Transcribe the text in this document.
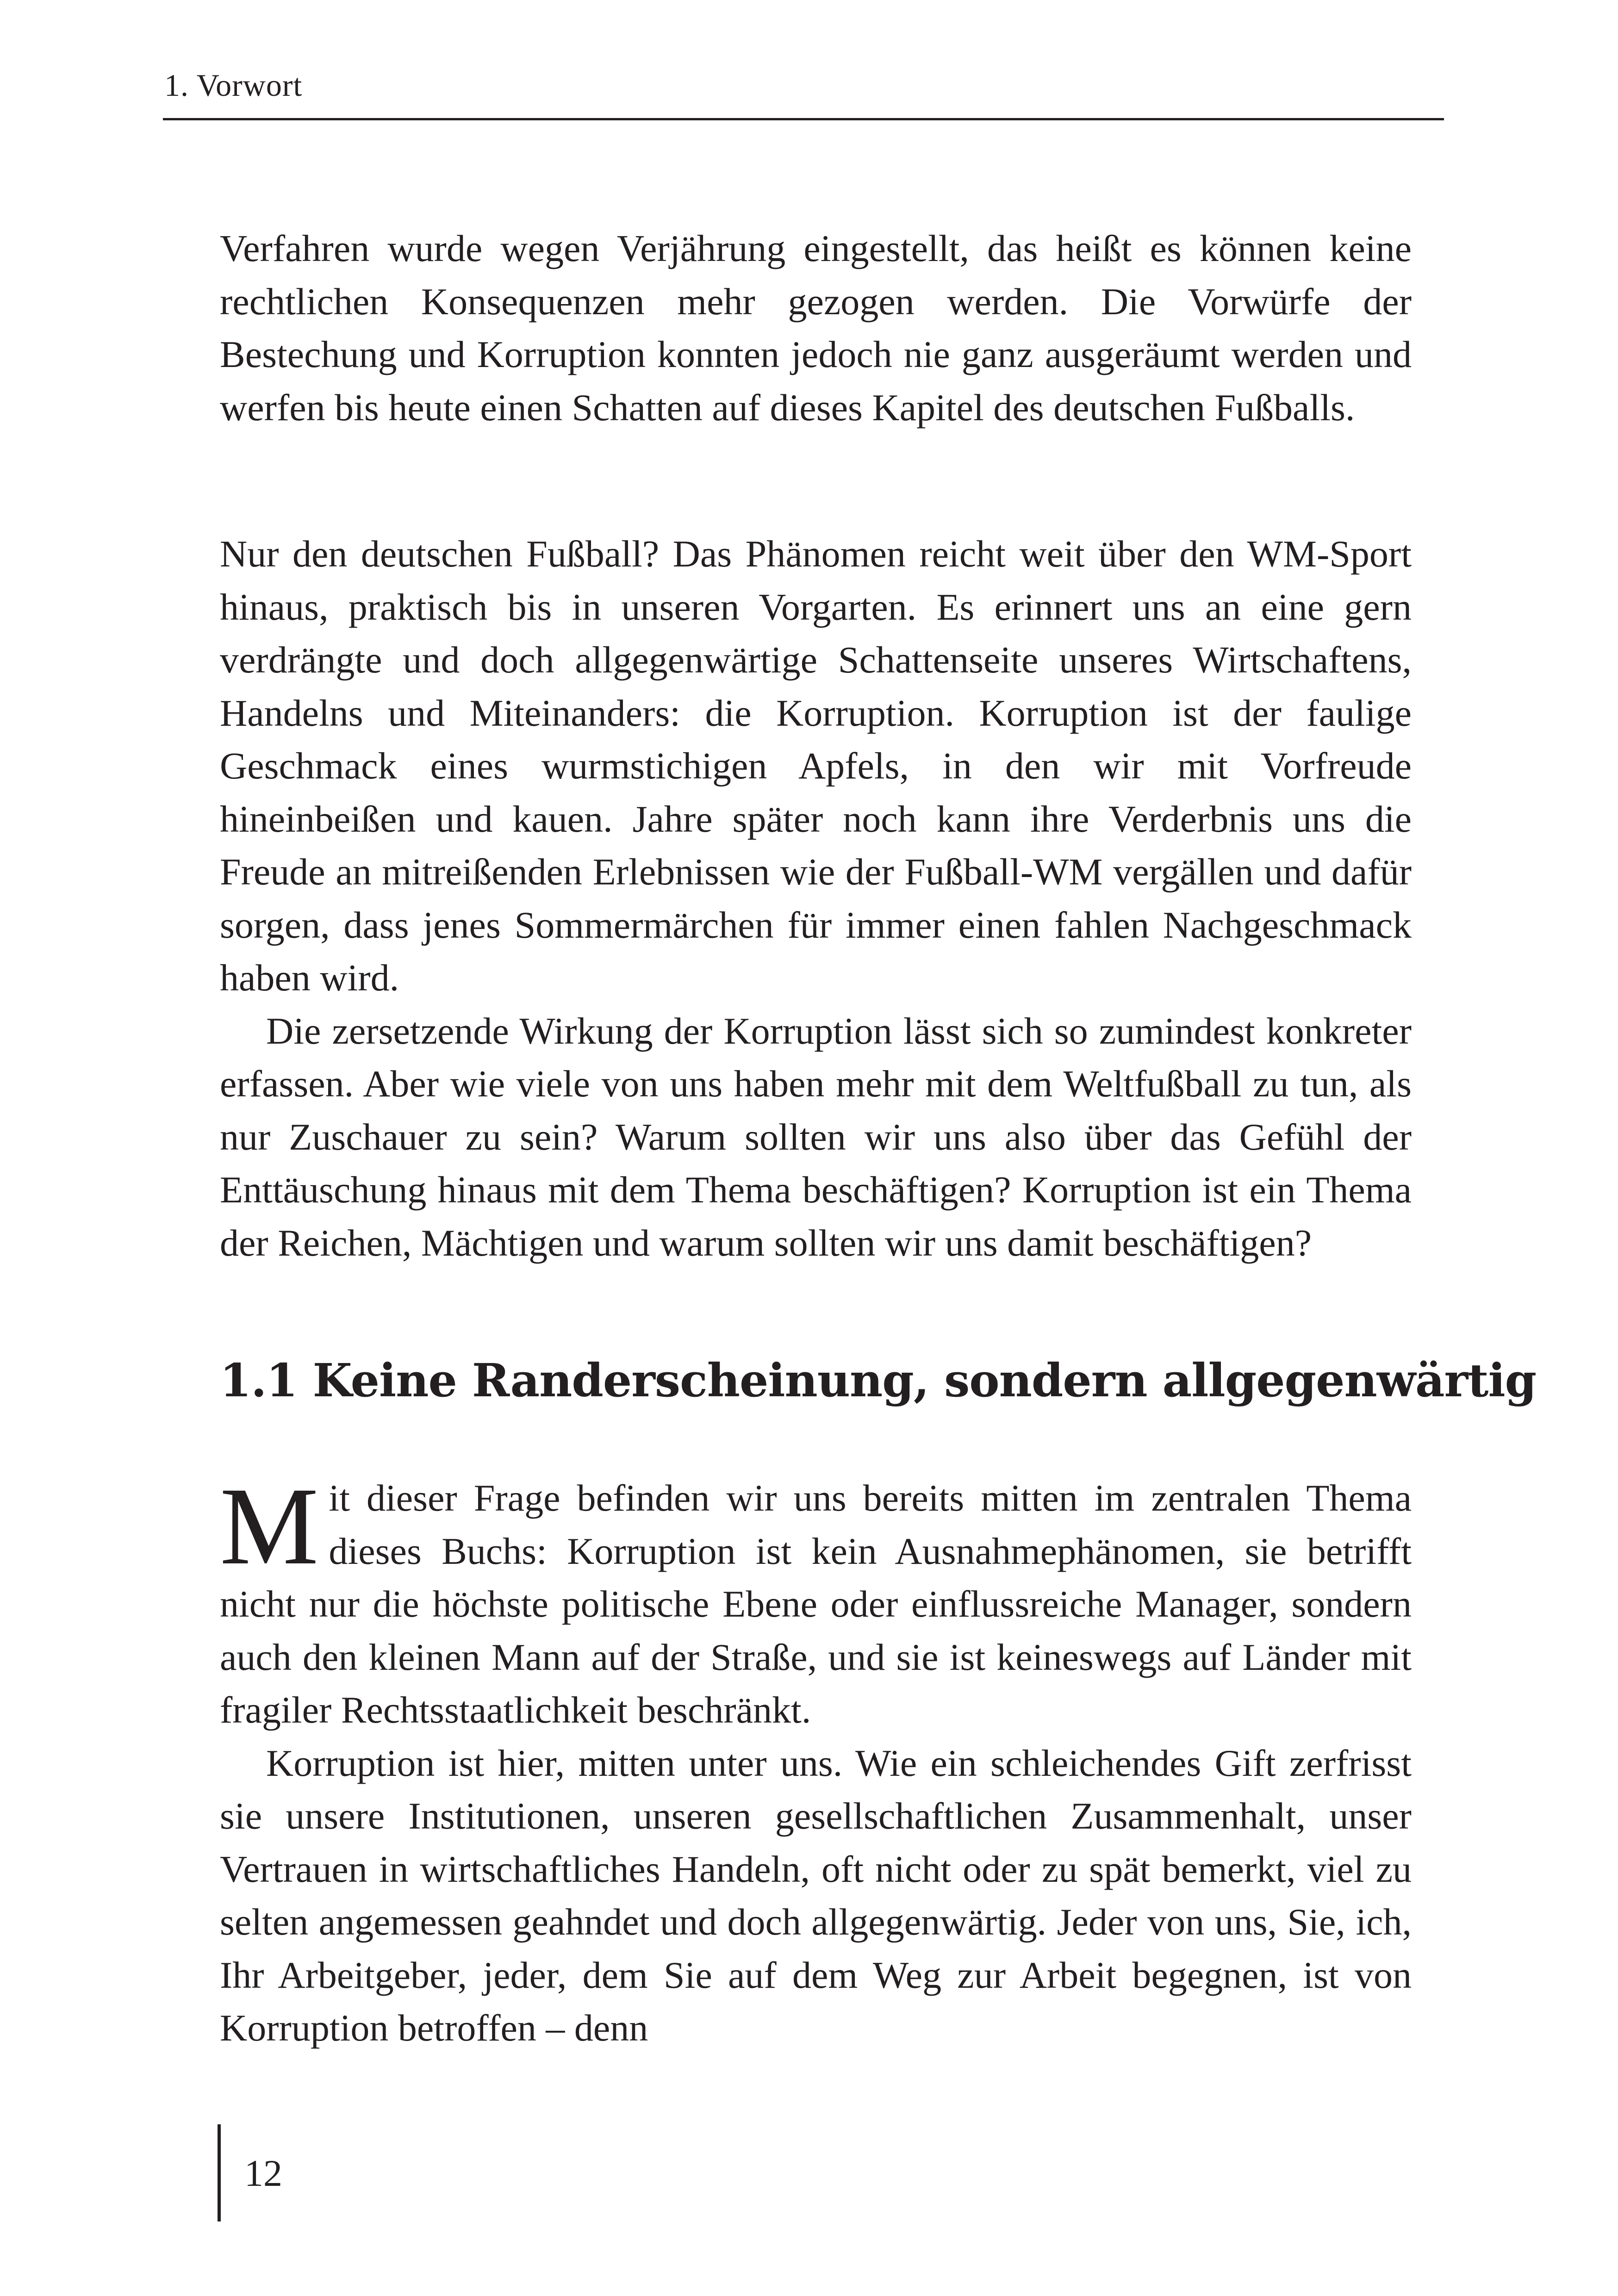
1. Vorwort

Verfahren wurde wegen Verjährung eingestellt, das heißt es können keine rechtlichen Konsequenzen mehr gezogen werden. Die Vorwürfe der Bestechung und Korruption konnten jedoch nie ganz ausgeräumt werden und werfen bis heute einen Schatten auf dieses Kapitel des deutschen Fußballs.

Nur den deutschen Fußball? Das Phänomen reicht weit über den WM-Sport hinaus, praktisch bis in unseren Vorgarten. Es erinnert uns an eine gern verdrängte und doch allgegenwärtige Schattenseite unseres Wirtschaftens, Handelns und Miteinanders: die Korruption. Korruption ist der faulige Geschmack eines wurmstichigen Apfels, in den wir mit Vorfreude hineinbeißen und kauen. Jahre später noch kann ihre Verderbnis uns die Freude an mitreißenden Erlebnissen wie der Fußball-WM vergällen und dafür sorgen, dass jenes Sommermärchen für immer einen fahlen Nachgeschmack haben wird.

Die zersetzende Wirkung der Korruption lässt sich so zumindest konkreter erfassen. Aber wie viele von uns haben mehr mit dem Weltfußball zu tun, als nur Zuschauer zu sein? Warum sollten wir uns also über das Gefühl der Enttäuschung hinaus mit dem Thema beschäftigen? Korruption ist ein Thema der Reichen, Mächtigen und warum sollten wir uns damit beschäftigen?

1.1 Keine Randerscheinung, sondern allgegenwärtig

Mit dieser Frage befinden wir uns bereits mitten im zentralen Thema dieses Buchs: Korruption ist kein Ausnahmephänomen, sie betrifft nicht nur die höchste politische Ebene oder einflussreiche Manager, sondern auch den kleinen Mann auf der Straße, und sie ist keineswegs auf Länder mit fragiler Rechtsstaatlichkeit beschränkt.

Korruption ist hier, mitten unter uns. Wie ein schleichendes Gift zerfrisst sie unsere Institutionen, unseren gesellschaftlichen Zusammenhalt, unser Vertrauen in wirtschaftliches Handeln, oft nicht oder zu spät bemerkt, viel zu selten angemessen geahndet und doch allgegenwärtig. Jeder von uns, Sie, ich, Ihr Arbeitgeber, jeder, dem Sie auf dem Weg zur Arbeit begegnen, ist von Korruption betroffen – denn

12
